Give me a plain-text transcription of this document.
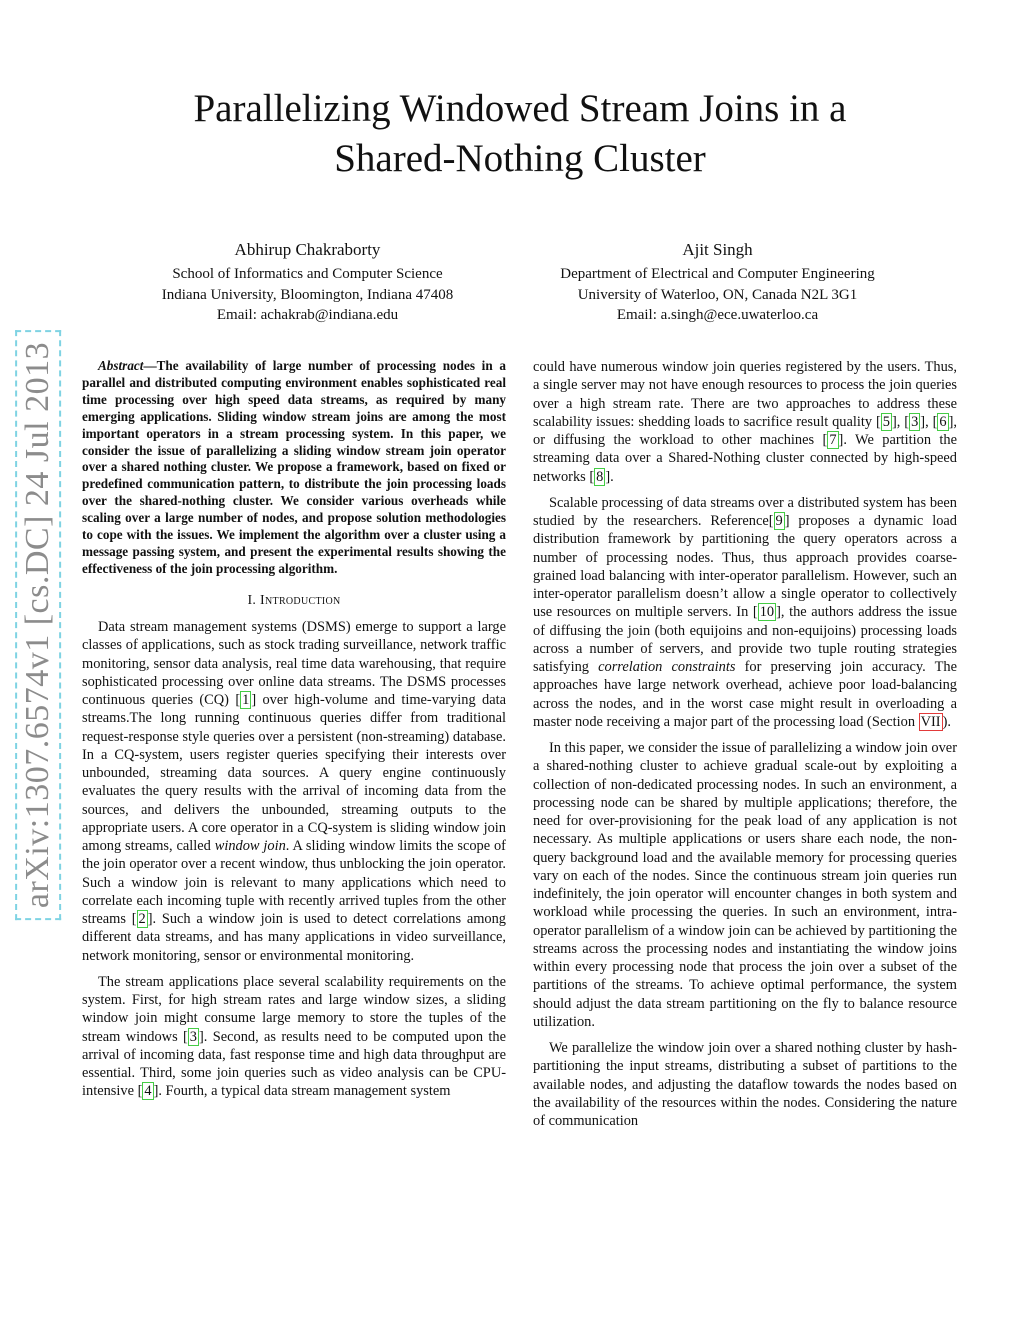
arXiv:1307.6574v1 [cs.DC] 24 Jul 2013
Parallelizing Windowed Stream Joins in a
Shared-Nothing Cluster
Abhirup Chakraborty
School of Informatics and Computer Science
Indiana University, Bloomington, Indiana 47408
Email: achakrab@indiana.edu
Ajit Singh
Department of Electrical and Computer Engineering
University of Waterloo, ON, Canada N2L 3G1
Email: a.singh@ece.uwaterloo.ca

Abstract—The availability of large number of processing nodes in a parallel and distributed computing environment enables sophisticated real time processing over high speed data streams, as required by many emerging applications. Sliding window stream joins are among the most important operators in a stream processing system. In this paper, we consider the issue of parallelizing a sliding window stream join operator over a shared nothing cluster. We propose a framework, based on fixed or predefined communication pattern, to distribute the join processing loads over the shared-nothing cluster. We consider various overheads while scaling over a large number of nodes, and propose solution methodologies to cope with the issues. We implement the algorithm over a cluster using a message passing system, and present the experimental results showing the effectiveness of the join processing algorithm.

I. Introduction

Data stream management systems (DSMS) emerge to support a large classes of applications, such as stock trading surveillance, network traffic monitoring, sensor data analysis, real time data warehousing, that require sophisticated processing over online data streams. The DSMS processes continuous queries (CQ) [ 1 ] over high-volume and time-varying data streams.The long running continuous queries differ from traditional request-response style queries over a persistent (non-streaming) database. In a CQ-system, users register queries specifying their interests over unbounded, streaming data sources. A query engine continuously evaluates the query results with the arrival of incoming data from the sources, and delivers the unbounded, streaming outputs to the appropriate users. A core operator in a CQ-system is sliding window join among streams, called window join. A sliding window limits the scope of the join operator over a recent window, thus unblocking the join operator. Such a window join is relevant to many applications which need to correlate each incoming tuple with recently arrived tuples from the other streams [ 2 ]. Such a window join is used to detect correlations among different data streams, and has many applications in video surveillance, network monitoring, sensor or environmental monitoring.

The stream applications place several scalability requirements on the system. First, for high stream rates and large window sizes, a sliding window join might consume large memory to store the tuples of the stream windows [ 3 ]. Second, as results need to be computed upon the arrival of incoming data, fast response time and high data throughput are essential. Third, some join queries such as video analysis can be CPU-intensive [ 4 ]. Fourth, a typical data stream management system

could have numerous window join queries registered by the users. Thus, a single server may not have enough resources to process the join queries over a high stream rate. There are two approaches to address these scalability issues: shedding loads to sacrifice result quality [ 5 ], [ 3 ], [ 6 ], or diffusing the workload to other machines [ 7 ]. We partition the streaming data over a Shared-Nothing cluster connected by high-speed networks [ 8 ].

Scalable processing of data streams over a distributed system has been studied by the researchers. Reference[ 9 ] proposes a dynamic load distribution framework by partitioning the query operators across a number of processing nodes. Thus, thus approach provides coarse-grained load balancing with inter-operator parallelism. However, such an inter-operator parallelism doesn’t allow a single operator to collectively use resources on multiple servers. In [ 10 ], the authors address the issue of diffusing the join (both equijoins and non-equijoins) processing loads across a number of servers, and provide two tuple routing strategies satisfying correlation constraints for preserving join accuracy. The approaches have large network overhead, achieve poor load-balancing across the nodes, and in the worst case might result in overloading a master node receiving a major part of the processing load (Section VII ).

In this paper, we consider the issue of parallelizing a window join over a shared-nothing cluster to achieve gradual scale-out by exploiting a collection of non-dedicated processing nodes. In such an environment, a processing node can be shared by multiple applications; therefore, the need for over-provisioning for the peak load of any application is not necessary. As multiple applications or users share each node, the non-query background load and the available memory for processing queries vary on each of the nodes. Since the continuous stream join queries run indefinitely, the join operator will encounter changes in both system and workload while processing the queries. In such an environment, intra-operator parallelism of a window join can be achieved by partitioning the streams across the processing nodes and instantiating the window joins within every processing node that process the join over a subset of the partitions of the streams. To achieve optimal performance, the system should adjust the data stream partitioning on the fly to balance resource utilization.

We parallelize the window join over a shared nothing cluster by hash-partitioning the input streams, distributing a subset of partitions to the available nodes, and adjusting the dataflow towards the nodes based on the availability of the resources within the nodes. Considering the nature of communication
